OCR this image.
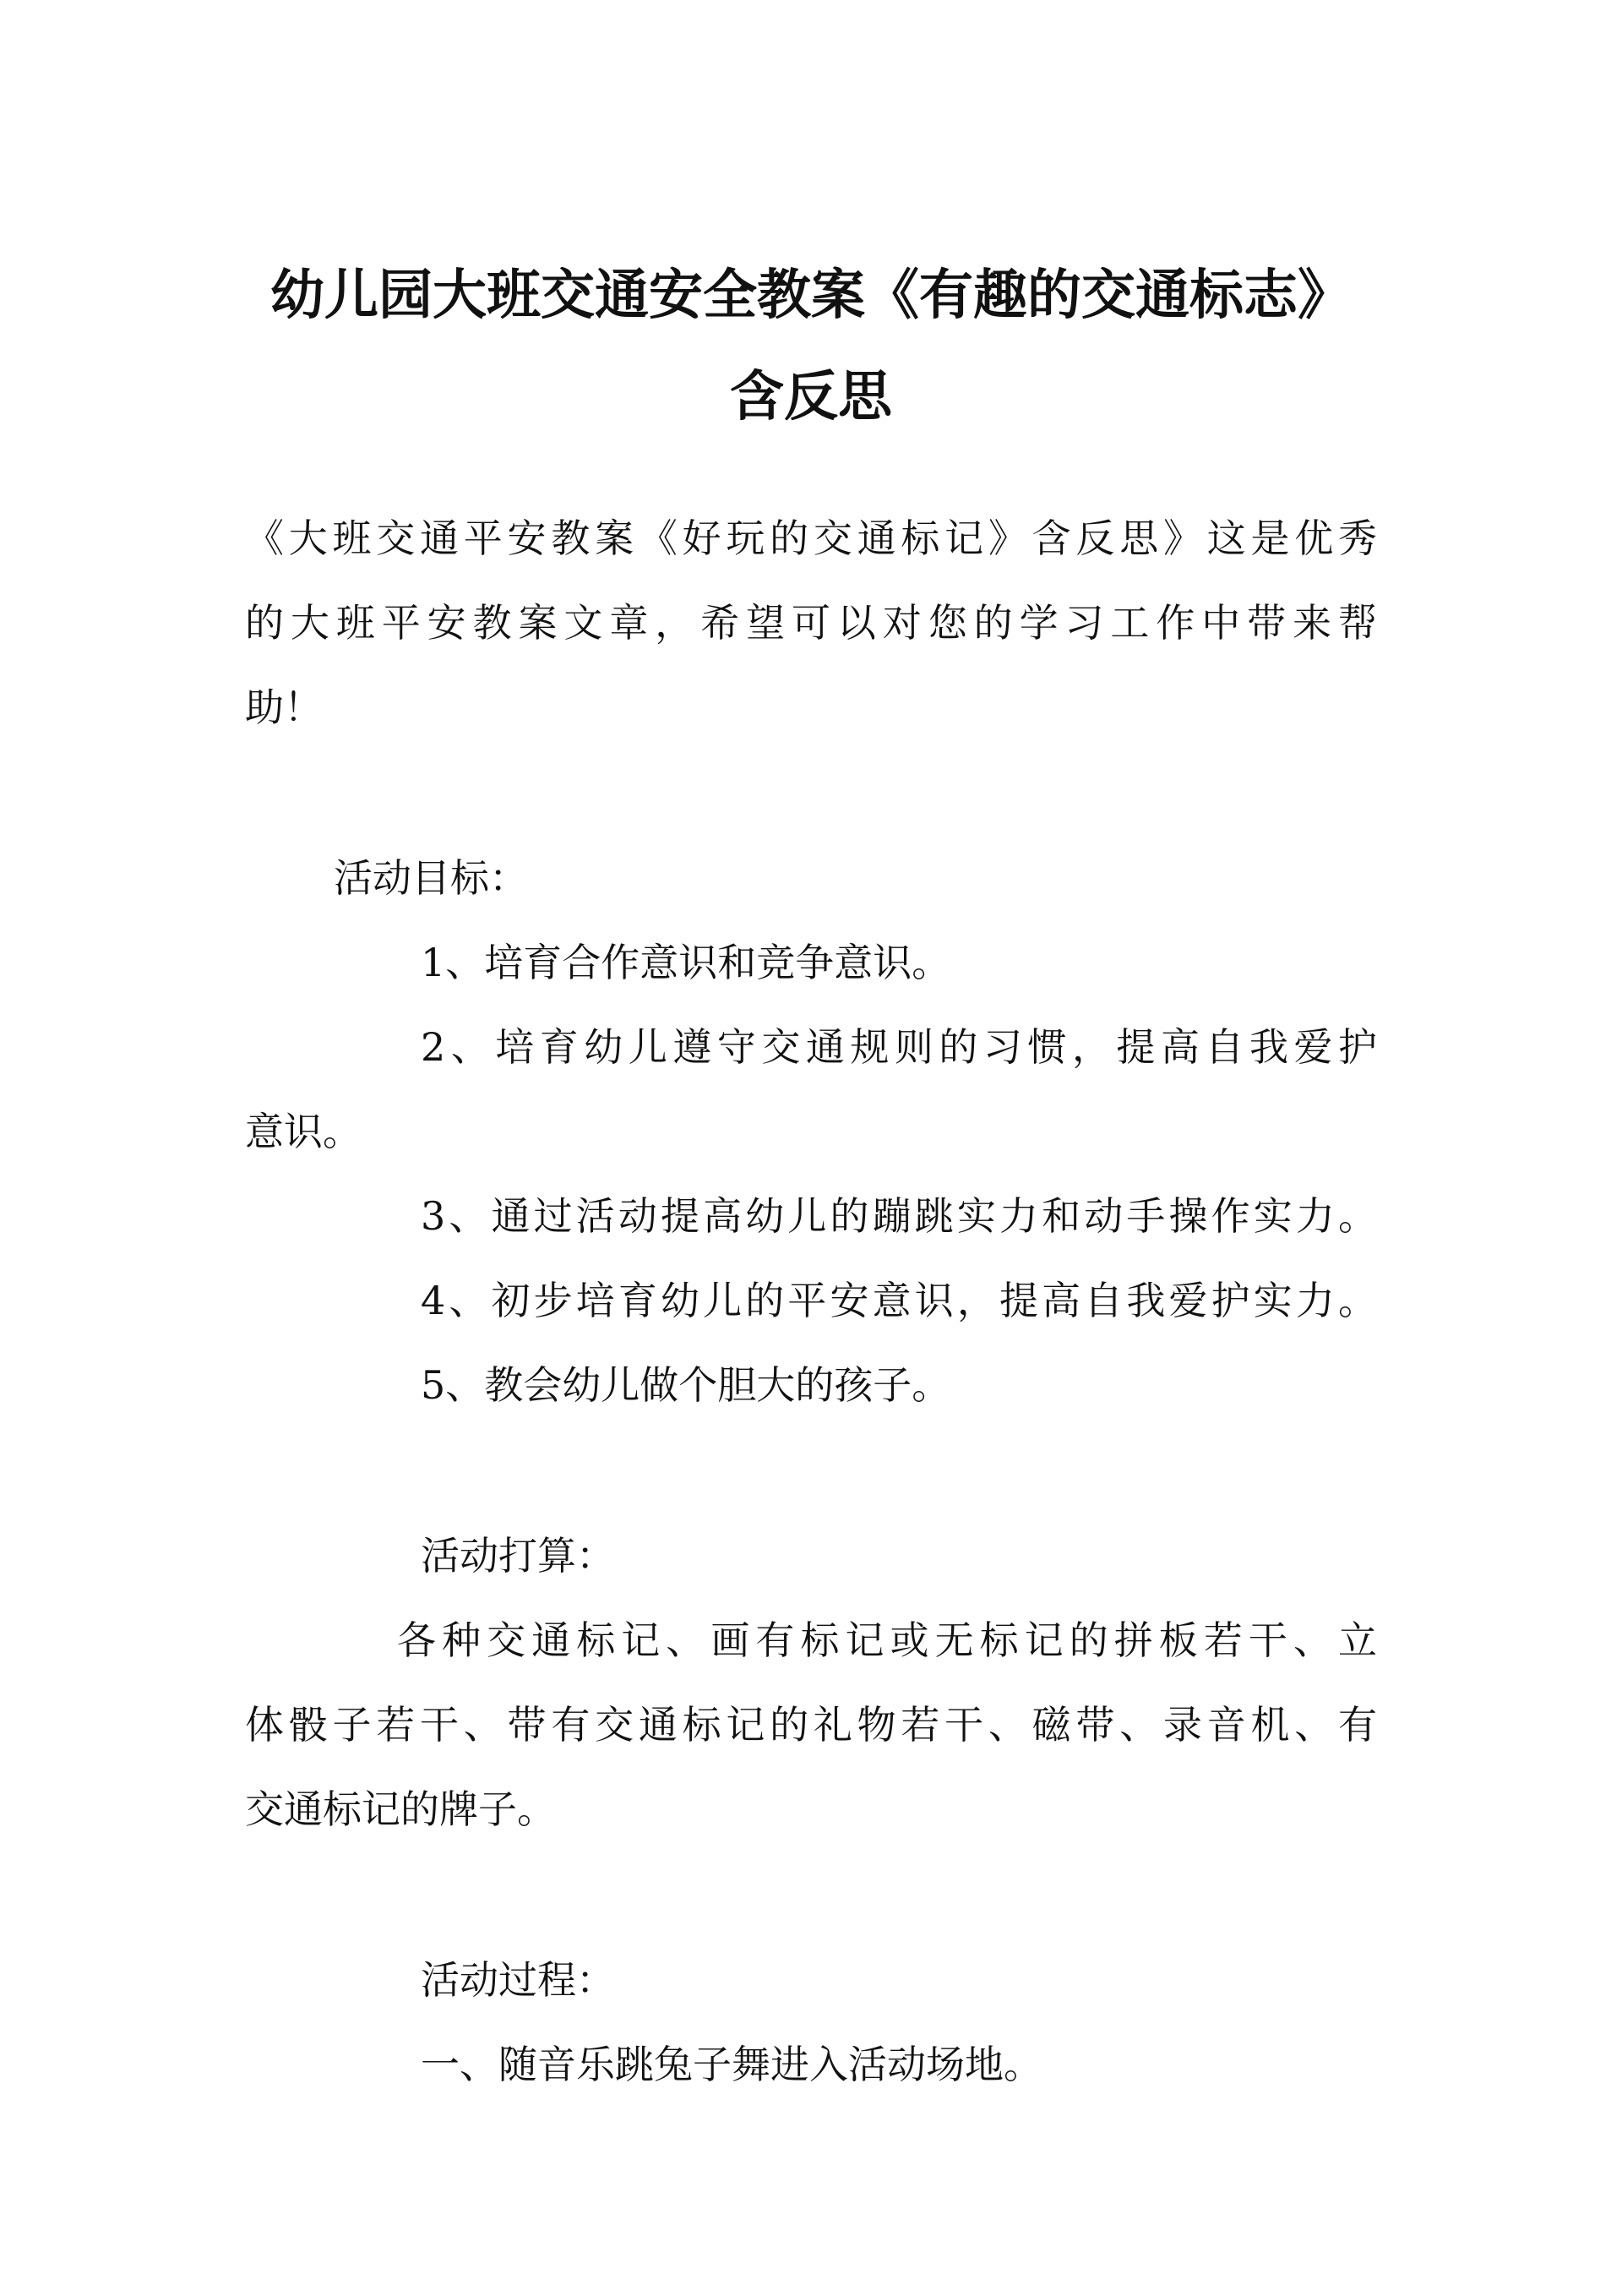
幼儿园大班交通安全教案《有趣的交通标志》
含反思
《大班交通平安教案《好玩的交通标记》含反思》这是优秀
的大班平安教案文章，希望可以对您的学习工作中带来帮
助！
活动目标：
1、培育合作意识和竞争意识。
2、培育幼儿遵守交通规则的习惯，提高自我爱护
意识。
3、通过活动提高幼儿的蹦跳实力和动手操作实力。
4、初步培育幼儿的平安意识，提高自我爱护实力。
5、教会幼儿做个胆大的孩子。
活动打算：
各种交通标记、画有标记或无标记的拼板若干、立
体骰子若干、带有交通标记的礼物若干、磁带、录音机、有
交通标记的牌子。
活动过程：
一、随音乐跳兔子舞进入活动场地。
